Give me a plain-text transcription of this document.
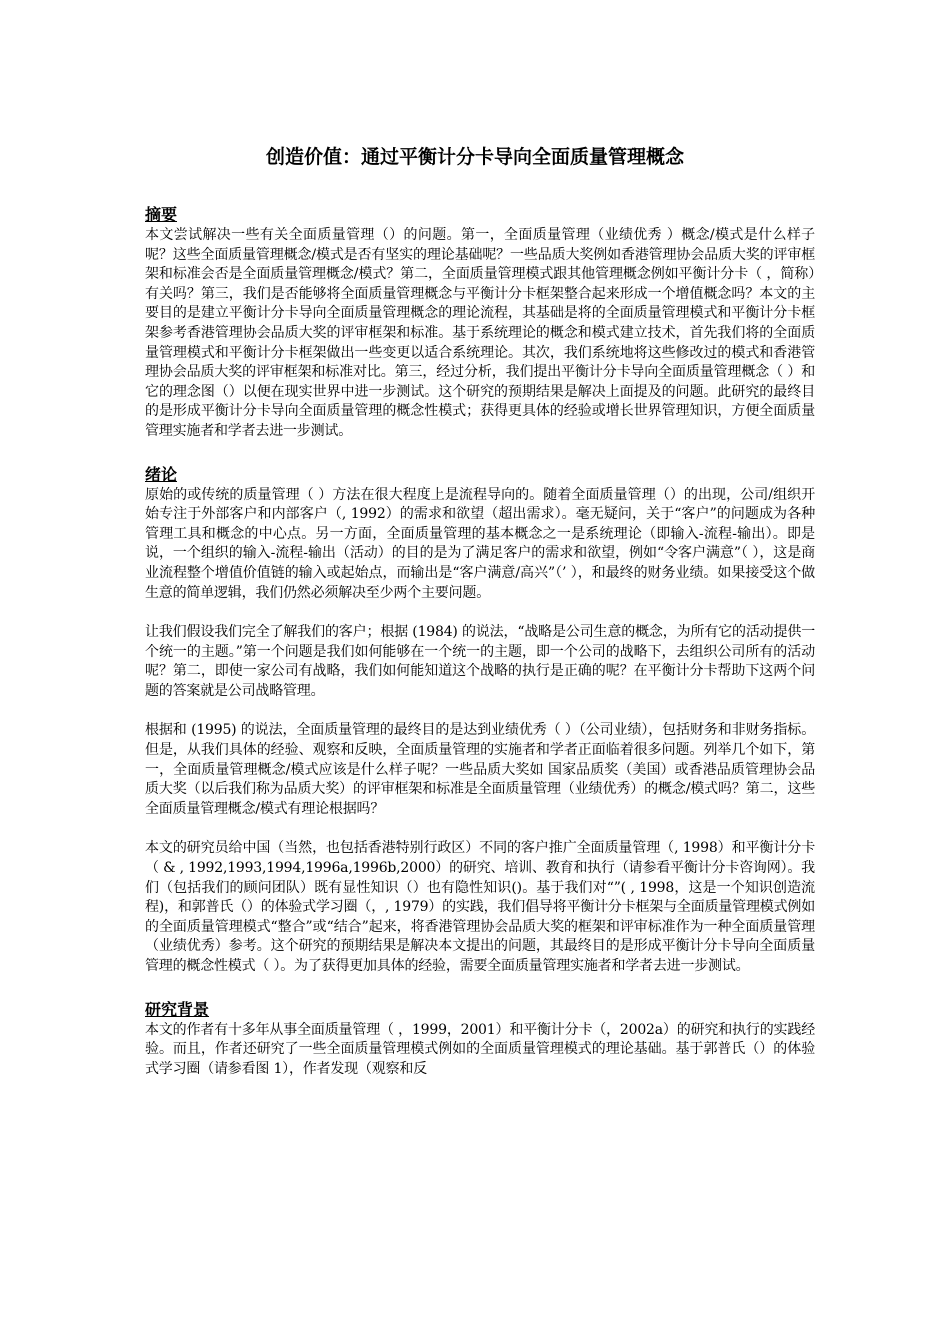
创造价值：通过平衡计分卡导向全面质量管理概念
摘要

本文尝试解决一些有关全面质量管理（）的问题。第一，全面质量管理（业绩优秀 ）概念/模式是什么样子呢？这些全面质量管理概念/模式是否有坚实的理论基础呢？一些品质大奖例如香港管理协会品质大奖的评审框架和标准会否是全面质量管理概念/模式？第二，全面质量管理模式跟其他管理概念例如平衡计分卡（ ，简称）有关吗？第三，我们是否能够将全面质量管理概念与平衡计分卡框架整合起来形成一个增值概念吗？本文的主要目的是建立平衡计分卡导向全面质量管理概念的理论流程，其基础是将的全面质量管理模式和平衡计分卡框架参考香港管理协会品质大奖的评审框架和标准。基于系统理论的概念和模式建立技术，首先我们将的全面质量管理模式和平衡计分卡框架做出一些变更以适合系统理论。其次，我们系统地将这些修改过的模式和香港管理协会品质大奖的评审框架和标准对比。第三，经过分析，我们提出平衡计分卡导向全面质量管理概念（ ）和它的理念图（）以便在现实世界中进一步测试。这个研究的预期结果是解决上面提及的问题。此研究的最终目的是形成平衡计分卡导向全面质量管理的概念性模式；获得更具体的经验或增长世界管理知识，方便全面质量管理实施者和学者去进一步测试。

绪论

原始的或传统的质量管理（ ）方法在很大程度上是流程导向的。随着全面质量管理（）的出现，公司/组织开始专注于外部客户和内部客户（, 1992）的需求和欲望（超出需求）。毫无疑问，关于“客户”的问题成为各种管理工具和概念的中心点。另一方面，全面质量管理的基本概念之一是系统理论（即输入-流程-输出）。即是说，一个组织的输入-流程-输出（活动）的目的是为了满足客户的需求和欲望，例如“令客户满意”（ ），这是商业流程整个增值价值链的输入或起始点，而输出是“客户满意/高兴”（’ ），和最终的财务业绩。如果接受这个做生意的简单逻辑，我们仍然必须解决至少两个主要问题。

让我们假设我们完全了解我们的客户；根据 (1984) 的说法，“战略是公司生意的概念，为所有它的活动提供一个统一的主题。”第一个问题是我们如何能够在一个统一的主题，即一个公司的战略下，去组织公司所有的活动呢？第二，即使一家公司有战略，我们如何能知道这个战略的执行是正确的呢？在平衡计分卡帮助下这两个问题的答案就是公司战略管理。

根据和 (1995) 的说法，全面质量管理的最终目的是达到业绩优秀（ ）（公司业绩），包括财务和非财务指标。但是，从我们具体的经验、观察和反映，全面质量管理的实施者和学者正面临着很多问题。列举几个如下，第一，全面质量管理概念/模式应该是什么样子呢？一些品质大奖如 国家品质奖（美国）或香港品质管理协会品质大奖（以后我们称为品质大奖）的评审框架和标准是全面质量管理（业绩优秀）的概念/模式吗？第二，这些全面质量管理概念/模式有理论根据吗？

本文的研究员给中国（当然，也包括香港特别行政区）不同的客户推广全面质量管理（, 1998）和平衡计分卡（ & , 1992,1993,1994,1996a,1996b,2000）的研究、培训、教育和执行（请参看平衡计分卡咨询网）。我们（包括我们的顾问团队）既有显性知识（）也有隐性知识()。基于我们对“”( , 1998，这是一个知识创造流程)，和郭普氏（）的体验式学习圈（，, 1979）的实践，我们倡导将平衡计分卡框架与全面质量管理模式例如的全面质量管理模式“整合”或“结合”起来，将香港管理协会品质大奖的框架和评审标准作为一种全面质量管理（业绩优秀）参考。这个研究的预期结果是解决本文提出的问题，其最终目的是形成平衡计分卡导向全面质量管理的概念性模式（ ）。为了获得更加具体的经验，需要全面质量管理实施者和学者去进一步测试。

研究背景

本文的作者有十多年从事全面质量管理（ ，1999，2001）和平衡计分卡（，2002a）的研究和执行的实践经验。而且，作者还研究了一些全面质量管理模式例如的全面质量管理模式的理论基础。基于郭普氏（）的体验式学习圈（请参看图 1），作者发现（观察和反
